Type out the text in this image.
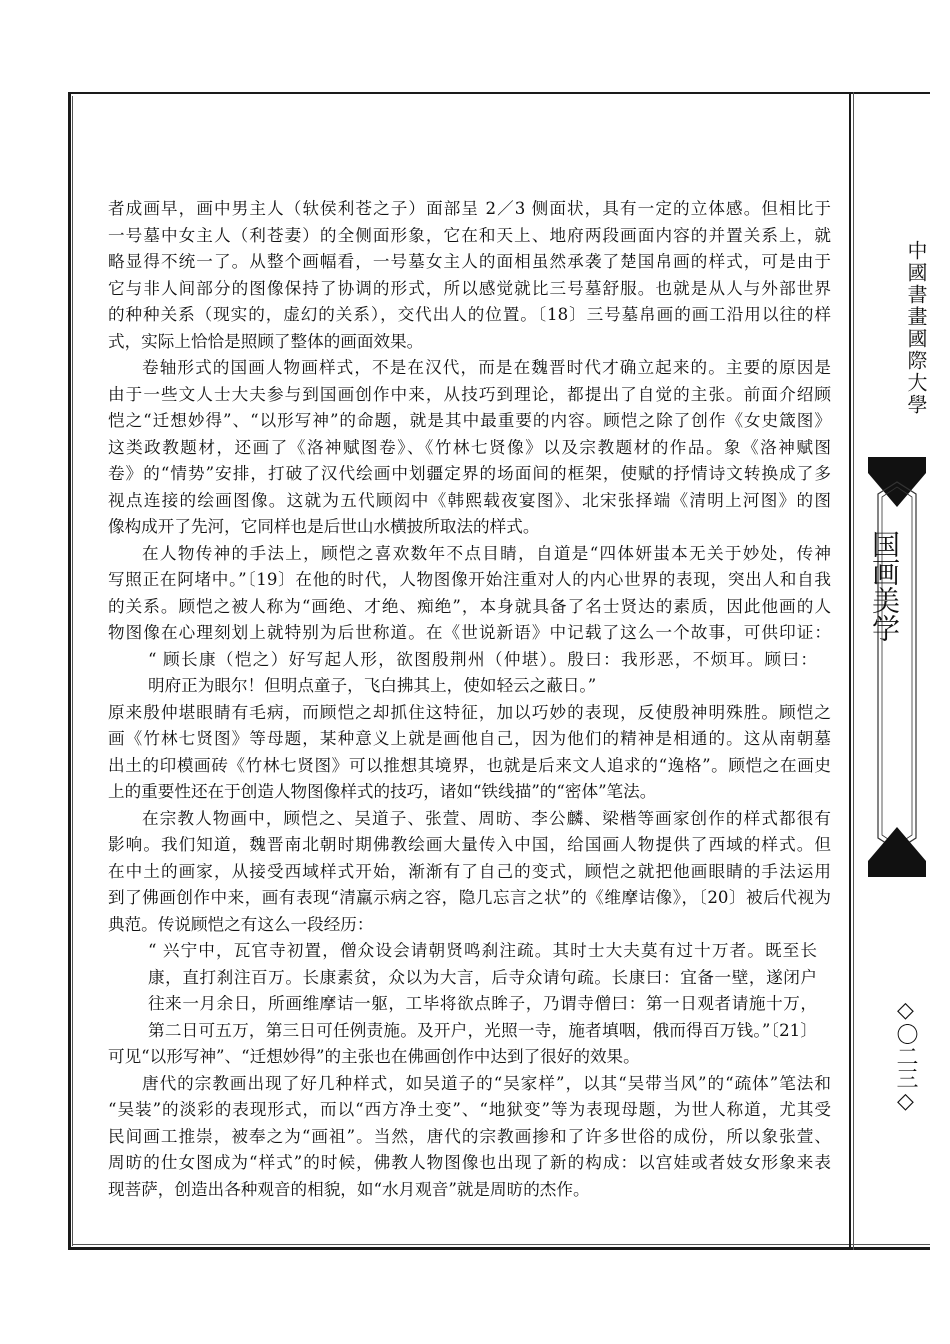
中國書畫國際大學
国画美学
◇〇二三◇
者成画早，画中男主人（轪侯利苍之子）面部呈 2／3 侧面状，具有一定的立体感。但相比于
一号墓中女主人（利苍妻）的全侧面形象，它在和天上、地府两段画面内容的并置关系上，就
略显得不统一了。从整个画幅看，一号墓女主人的面相虽然承袭了楚国帛画的样式，可是由于
它与非人间部分的图像保持了协调的形式，所以感觉就比三号墓舒服。也就是从人与外部世界
的种种关系（现实的，虚幻的关系），交代出人的位置。〔18〕三号墓帛画的画工沿用以往的样
式，实际上恰恰是照顾了整体的画面效果。
卷轴形式的国画人物画样式，不是在汉代，而是在魏晋时代才确立起来的。主要的原因是
由于一些文人士大夫参与到国画创作中来，从技巧到理论，都提出了自觉的主张。前面介绍顾
恺之“迁想妙得”、“以形写神”的命题，就是其中最重要的内容。顾恺之除了创作《女史箴图》
这类政教题材，还画了《洛神赋图卷》、《竹林七贤像》以及宗教题材的作品。象《洛神赋图
卷》的“情势”安排，打破了汉代绘画中划疆定界的场面间的框架，使赋的抒情诗文转换成了多
视点连接的绘画图像。这就为五代顾闳中《韩熙载夜宴图》、北宋张择端《清明上河图》的图
像构成开了先河，它同样也是后世山水横披所取法的样式。
在人物传神的手法上，顾恺之喜欢数年不点目睛，自道是“四体妍蚩本无关于妙处，传神
写照正在阿堵中。”〔19〕在他的时代，人物图像开始注重对人的内心世界的表现，突出人和自我
的关系。顾恺之被人称为“画绝、才绝、痴绝”，本身就具备了名士贤达的素质，因此他画的人
物图像在心理刻划上就特别为后世称道。在《世说新语》中记载了这么一个故事，可供印证：
“ 顾长康（恺之）好写起人形，欲图殷荆州（仲堪）。殷曰：我形恶，不烦耳。顾曰：
明府正为眼尔！但明点童子，飞白拂其上，使如轻云之蔽日。”
原来殷仲堪眼睛有毛病，而顾恺之却抓住这特征，加以巧妙的表现，反使殷神明殊胜。顾恺之
画《竹林七贤图》等母题，某种意义上就是画他自己，因为他们的精神是相通的。这从南朝墓
出土的印模画砖《竹林七贤图》可以推想其境界，也就是后来文人追求的“逸格”。顾恺之在画史
上的重要性还在于创造人物图像样式的技巧，诸如“铁线描”的“密体”笔法。
在宗教人物画中，顾恺之、吴道子、张萱、周昉、李公麟、梁楷等画家创作的样式都很有
影响。我们知道，魏晋南北朝时期佛教绘画大量传入中国，给国画人物提供了西域的样式。但
在中土的画家，从接受西域样式开始，渐渐有了自己的变式，顾恺之就把他画眼睛的手法运用
到了佛画创作中来，画有表现“清羸示病之容，隐几忘言之状”的《维摩诘像》，〔20〕被后代视为
典范。传说顾恺之有这么一段经历：
“ 兴宁中，瓦官寺初置，僧众设会请朝贤鸣刹注疏。其时士大夫莫有过十万者。既至长
康，直打刹注百万。长康素贫，众以为大言，后寺众请句疏。长康曰：宜备一壁，遂闭户
往来一月余日，所画维摩诘一躯，工毕将欲点眸子，乃谓寺僧曰：第一日观者请施十万，
第二日可五万，第三日可任例责施。及开户，光照一寺，施者填咽，俄而得百万钱。”〔21〕
可见“以形写神”、“迁想妙得”的主张也在佛画创作中达到了很好的效果。
唐代的宗教画出现了好几种样式，如吴道子的“吴家样”，以其“吴带当风”的“疏体”笔法和
“吴装”的淡彩的表现形式，而以“西方净土变”、“地狱变”等为表现母题，为世人称道，尤其受
民间画工推崇，被奉之为“画祖”。当然，唐代的宗教画掺和了许多世俗的成份，所以象张萱、
周昉的仕女图成为“样式”的时候，佛教人物图像也出现了新的构成：以宫娃或者妓女形象来表
现菩萨，创造出各种观音的相貌，如“水月观音”就是周昉的杰作。
